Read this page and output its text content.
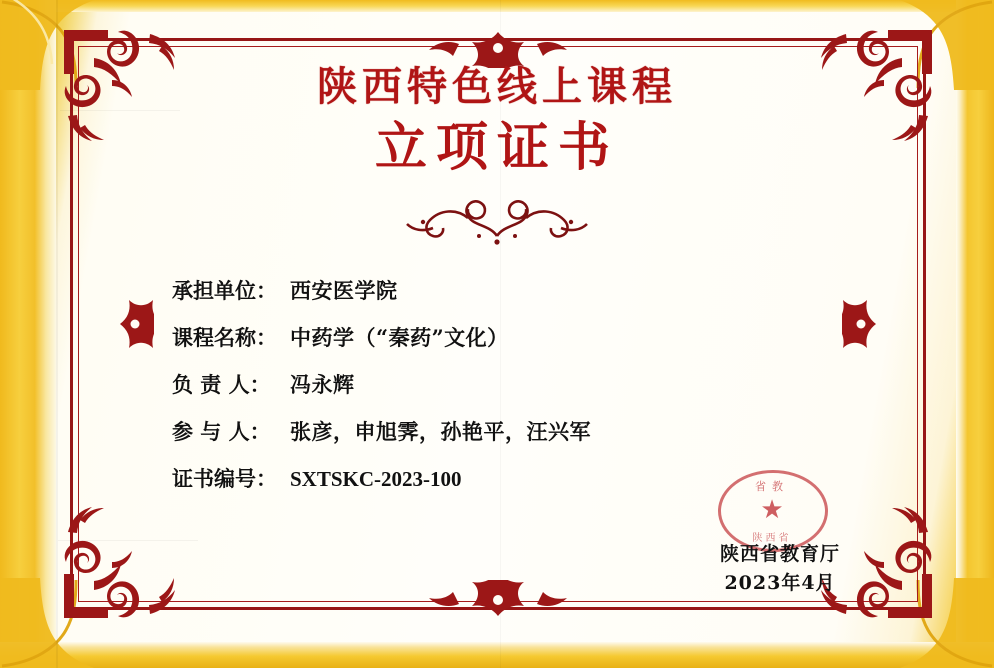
陕西特色线上课程
立项证书
承担单位： 西安医学院
课程名称： 中药学（“秦药”文化）
负 责 人： 冯永辉
参 与 人： 张彦，申旭霁，孙艳平，汪兴军
证书编号： SXTSKC-2023-100	省教
★
陕西省
陕西省教育厅
2023年4月
